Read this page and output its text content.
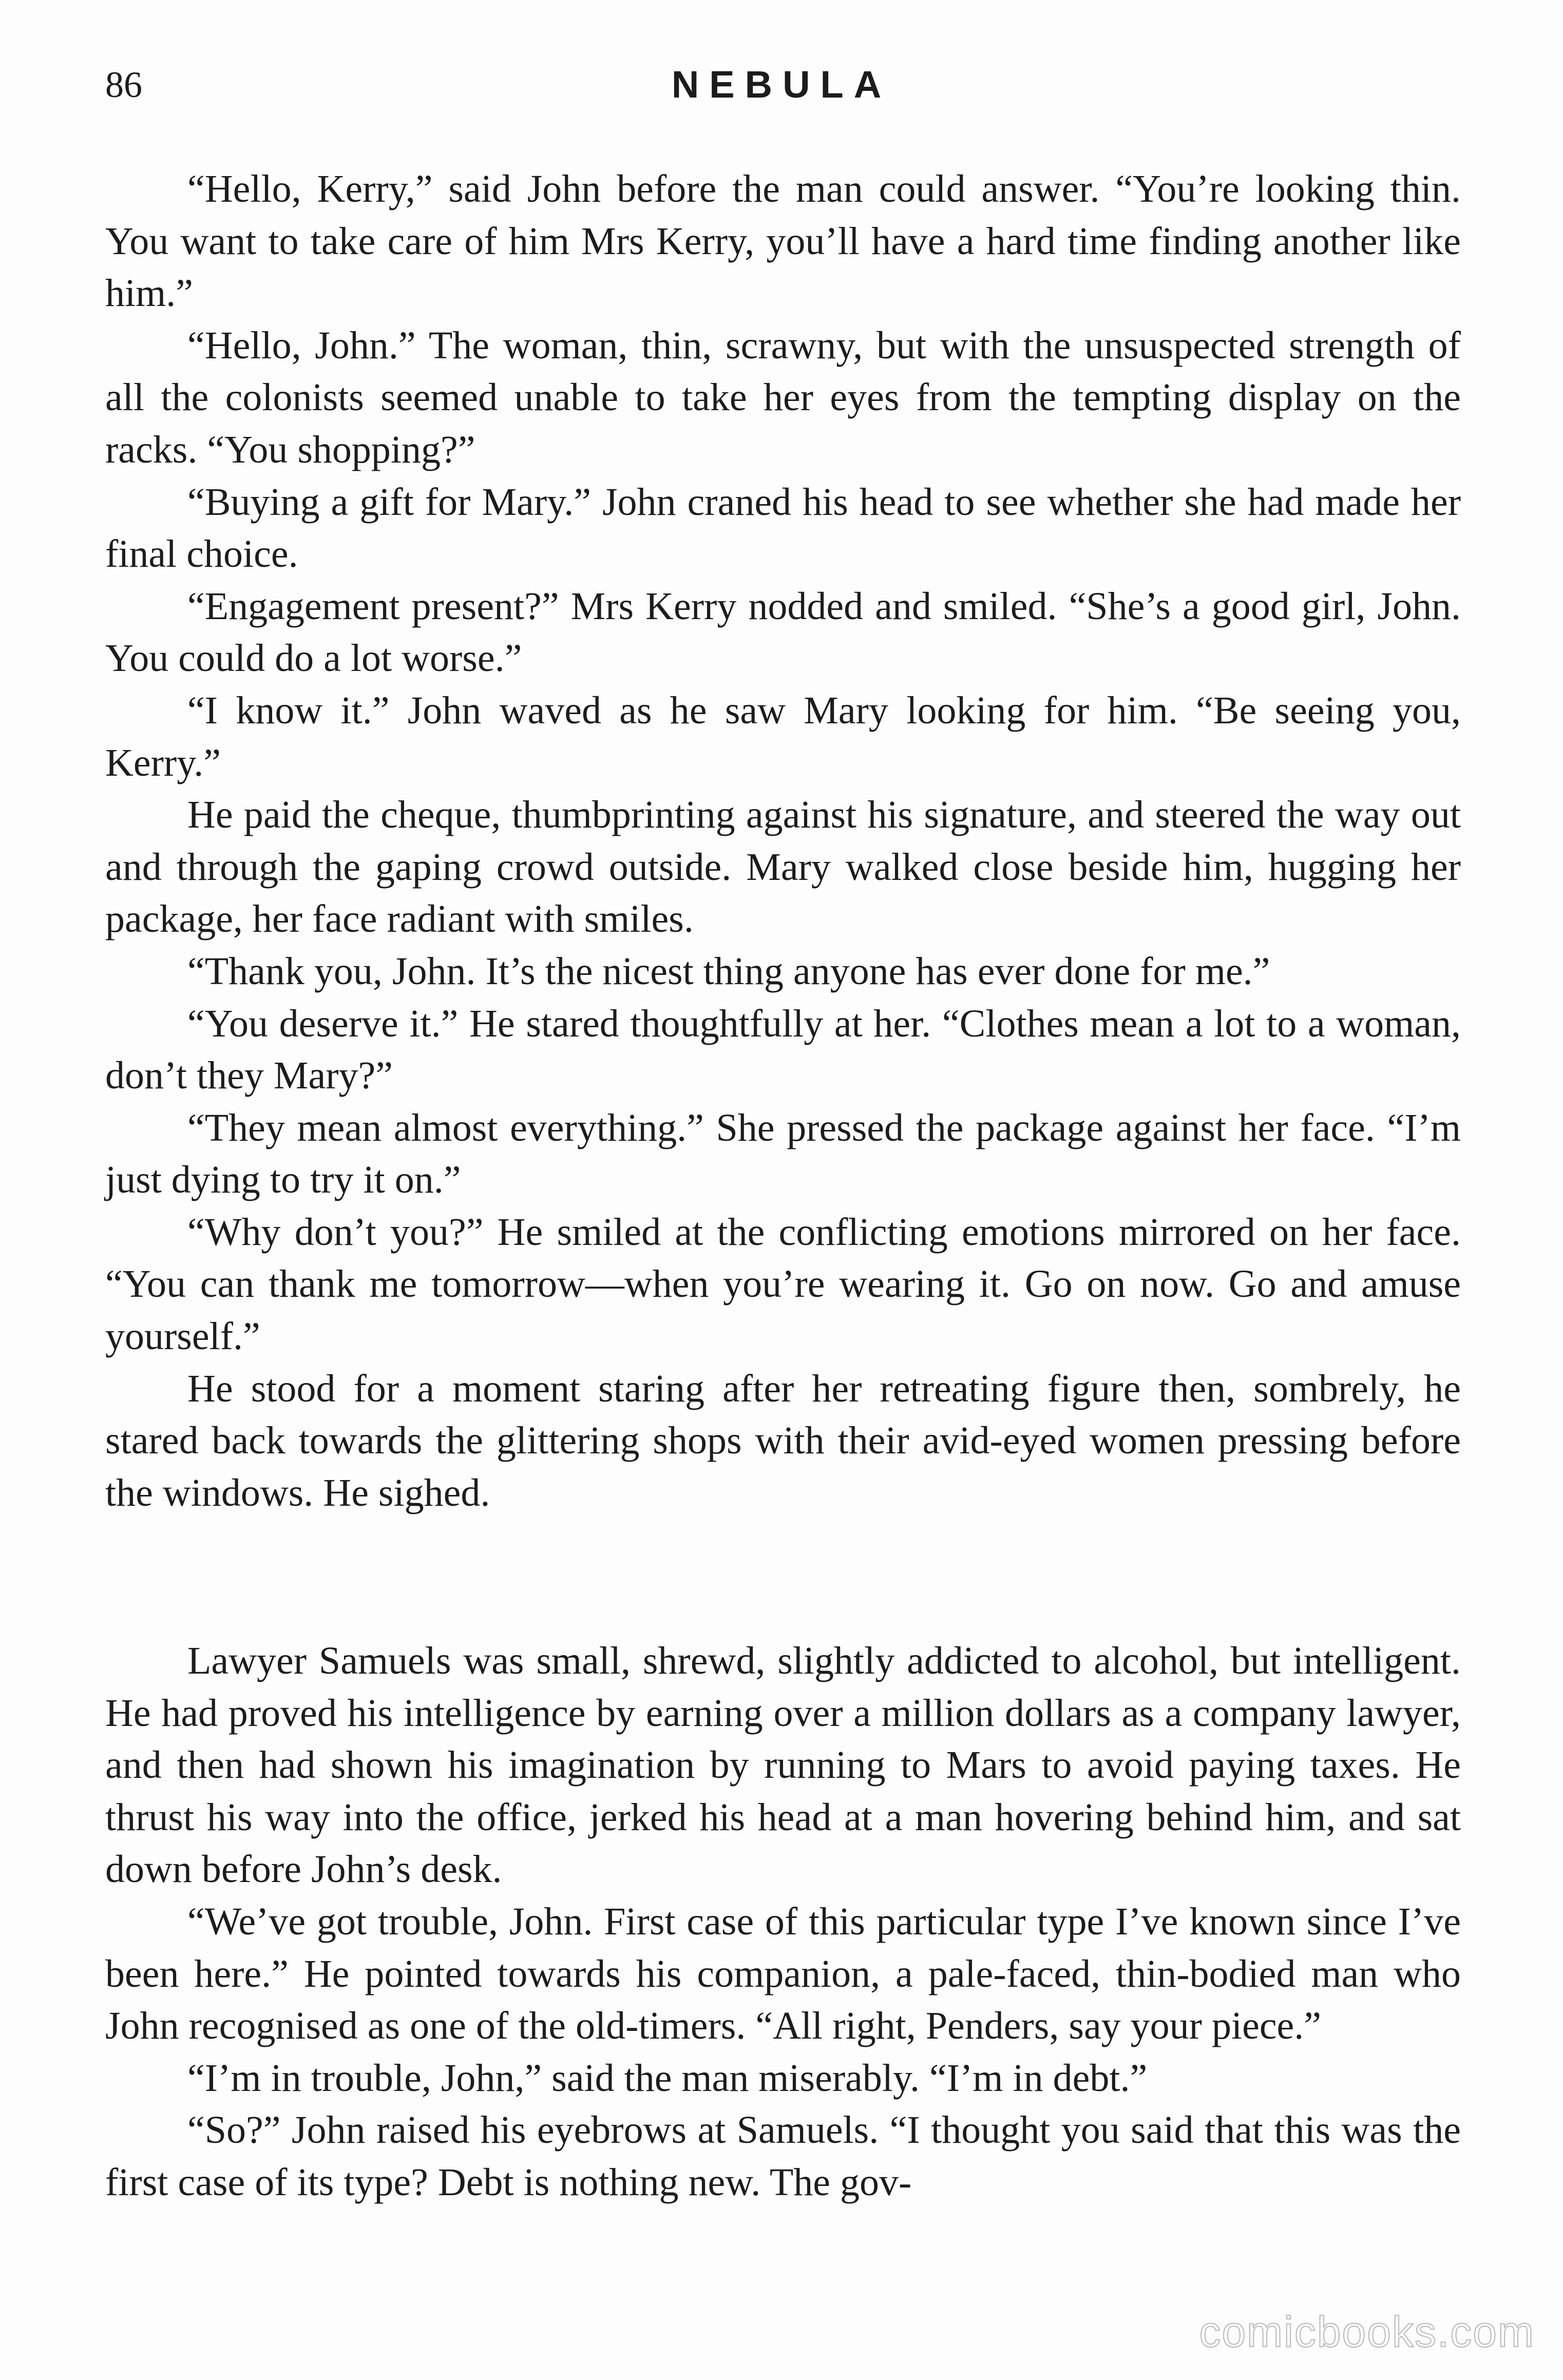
86	NEBULA

“Hello, Kerry,” said John before the man could answer. “You’re looking thin. You want to take care of him Mrs Kerry, you’ll have a hard time finding another like him.”

“Hello, John.” The woman, thin, scrawny, but with the unsuspected strength of all the colonists seemed unable to take her eyes from the tempting display on the racks. “You shopping?”

“Buying a gift for Mary.” John craned his head to see whether she had made her final choice.

“Engagement present?” Mrs Kerry nodded and smiled. “She’s a good girl, John. You could do a lot worse.”

“I know it.” John waved as he saw Mary looking for him. “Be seeing you, Kerry.”

He paid the cheque, thumbprinting against his signature, and steered the way out and through the gaping crowd outside. Mary walked close beside him, hugging her package, her face radiant with smiles.

“Thank you, John. It’s the nicest thing anyone has ever done for me.”

“You deserve it.” He stared thoughtfully at her. “Clothes mean a lot to a woman, don’t they Mary?”

“They mean almost everything.” She pressed the package against her face. “I’m just dying to try it on.”

“Why don’t you?” He smiled at the conflicting emotions mirrored on her face. “You can thank me tomorrow—when you’re wearing it. Go on now. Go and amuse yourself.”

He stood for a moment staring after her retreating figure then, sombrely, he stared back towards the glittering shops with their avid-eyed women pressing before the windows. He sighed.

Lawyer Samuels was small, shrewd, slightly addicted to alcohol, but intelligent. He had proved his intelligence by earning over a million dollars as a company lawyer, and then had shown his imagination by running to Mars to avoid paying taxes. He thrust his way into the office, jerked his head at a man hovering behind him, and sat down before John’s desk.

“We’ve got trouble, John. First case of this particular type I’ve known since I’ve been here.” He pointed towards his companion, a pale-faced, thin-bodied man who John recognised as one of the old-timers. “All right, Penders, say your piece.”

“I’m in trouble, John,” said the man miserably. “I’m in debt.”

“So?” John raised his eyebrows at Samuels. “I thought you said that this was the first case of its type? Debt is nothing new. The gov-

comicbooks.com
